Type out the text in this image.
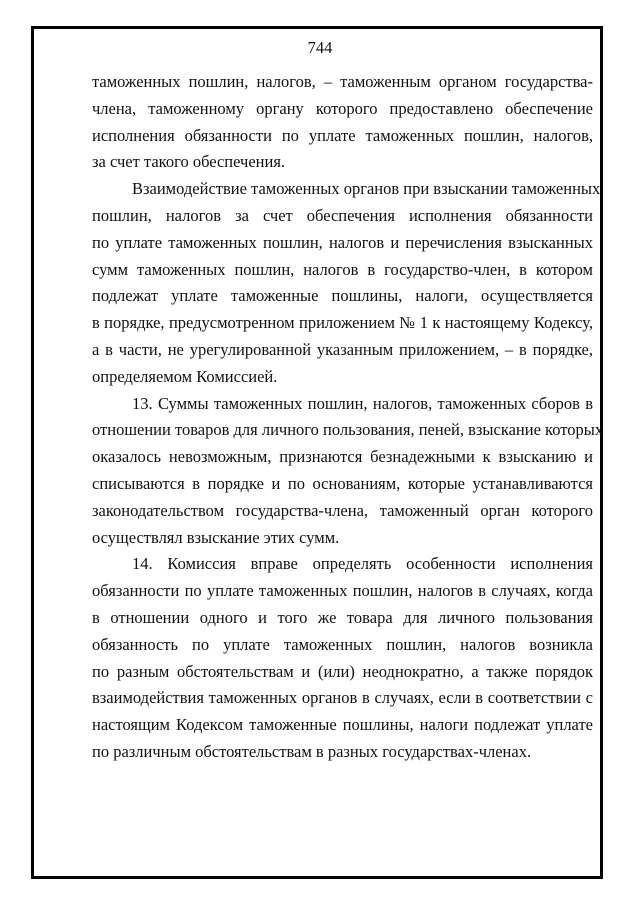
744
таможенных пошлин, налогов, – таможенным органом государства-
члена, таможенному органу которого предоставлено обеспечение
исполнения обязанности по уплате таможенных пошлин, налогов,
за счет такого обеспечения.
Взаимодействие таможенных органов при взыскании таможенных
пошлин, налогов за счет обеспечения исполнения обязанности
по уплате таможенных пошлин, налогов и перечисления взысканных
сумм таможенных пошлин, налогов в государство-член, в котором
подлежат уплате таможенные пошлины, налоги, осуществляется
в порядке, предусмотренном приложением № 1 к настоящему Кодексу,
а в части, не урегулированной указанным приложением, – в порядке,
определяемом Комиссией.
13. Суммы таможенных пошлин, налогов, таможенных сборов в
отношении товаров для личного пользования, пеней, взыскание которых
оказалось невозможным, признаются безнадежными к взысканию и
списываются в порядке и по основаниям, которые устанавливаются
законодательством государства-члена, таможенный орган которого
осуществлял взыскание этих сумм.
14. Комиссия вправе определять особенности исполнения
обязанности по уплате таможенных пошлин, налогов в случаях, когда
в отношении одного и того же товара для личного пользования
обязанность по уплате таможенных пошлин, налогов возникла
по разным обстоятельствам и (или) неоднократно, а также порядок
взаимодействия таможенных органов в случаях, если в соответствии с
настоящим Кодексом таможенные пошлины, налоги подлежат уплате
по различным обстоятельствам в разных государствах-членах.
